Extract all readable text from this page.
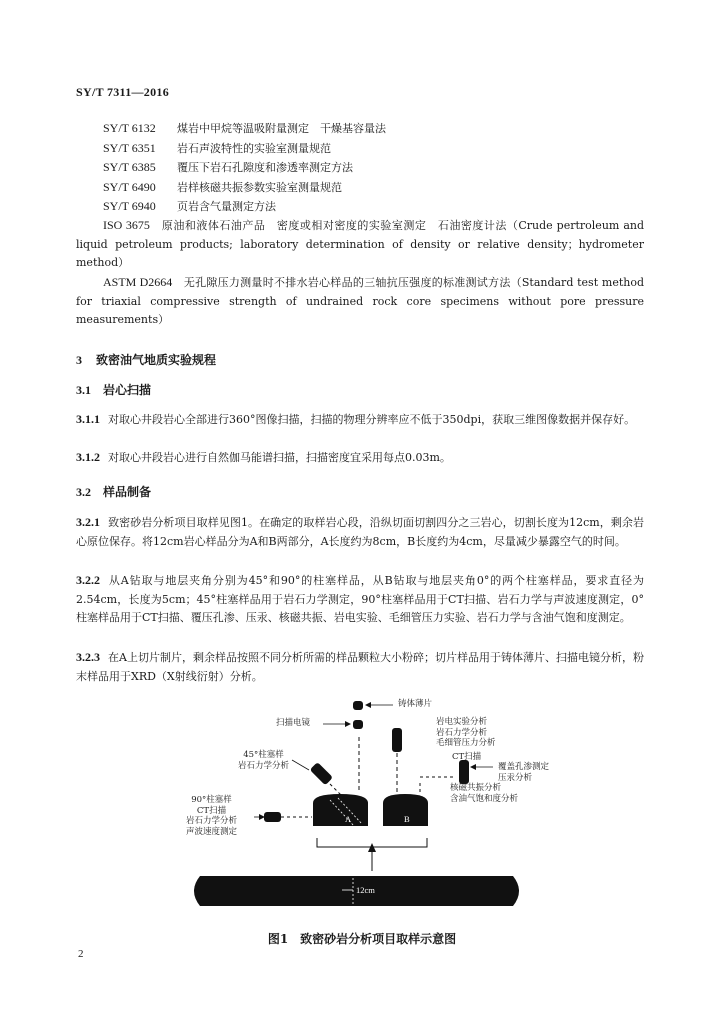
SY/T 7311—2016
SY/T 6132 煤岩中甲烷等温吸附量测定　干燥基容量法
SY/T 6351 岩石声波特性的实验室测量规范
SY/T 6385 覆压下岩石孔隙度和渗透率测定方法
SY/T 6490 岩样核磁共振参数实验室测量规范
SY/T 6940 页岩含气量测定方法
ISO 3675　 原油和液体石油产品　密度或相对密度的实验室测定　石油密度计法（Crude pertroleum and liquid petroleum products; laboratory determination of density or relative density；hydrometer method）
ASTM D2664　 无孔隙压力测量时不排水岩心样品的三轴抗压强度的标准测试方法（Standard test method for triaxial compressive strength of undrained rock core specimens without pore pressure measurements）
3 致密油气地质实验规程
3.1 岩心扫描
3.1.1 对取心井段岩心全部进行360°图像扫描，扫描的物理分辨率应不低于350dpi，获取三维图像数据并保存好。
3.1.2 对取心井段岩心进行自然伽马能谱扫描，扫描密度宜采用每点0.03m。
3.2 样品制备
3.2.1 致密砂岩分析项目取样见图1。在确定的取样岩心段，沿纵切面切割四分之三岩心，切割长度为12cm，剩余岩心原位保存。将12cm岩心样品分为A和B两部分，A长度约为8cm，B长度约为4cm，尽量减少暴露空气的时间。
3.2.2 从A钻取与地层夹角分别为45°和90°的柱塞样品，从B钻取与地层夹角0°的两个柱塞样品，要求直径为2.54cm，长度为5cm；45°柱塞样品用于岩石力学测定，90°柱塞样品用于CT扫描、岩石力学与声波速度测定，0°柱塞样品用于CT扫描、覆压孔渗、压汞、核磁共振、岩电实验、毛细管压力实验、岩石力学与含油气饱和度测定。
3.2.3 在A上切片制片，剩余样品按照不同分析所需的样品颗粒大小粉碎；切片样品用于铸体薄片、扫描电镜分析，粉末样品用于XRD（X射线衍射）分析。
铸体薄片
扫描电镜	岩电实验分析
岩石力学分析
毛细管压力分析
CT扫描
覆盖孔渗测定
压汞分析
核磁共振分析
含油气饱和度分析
45°柱塞样
岩石力学分析
90°柱塞样
CT扫描
岩石力学分析
声波速度测定
A	B
12cm
图1　致密砂岩分析项目取样示意图
2
